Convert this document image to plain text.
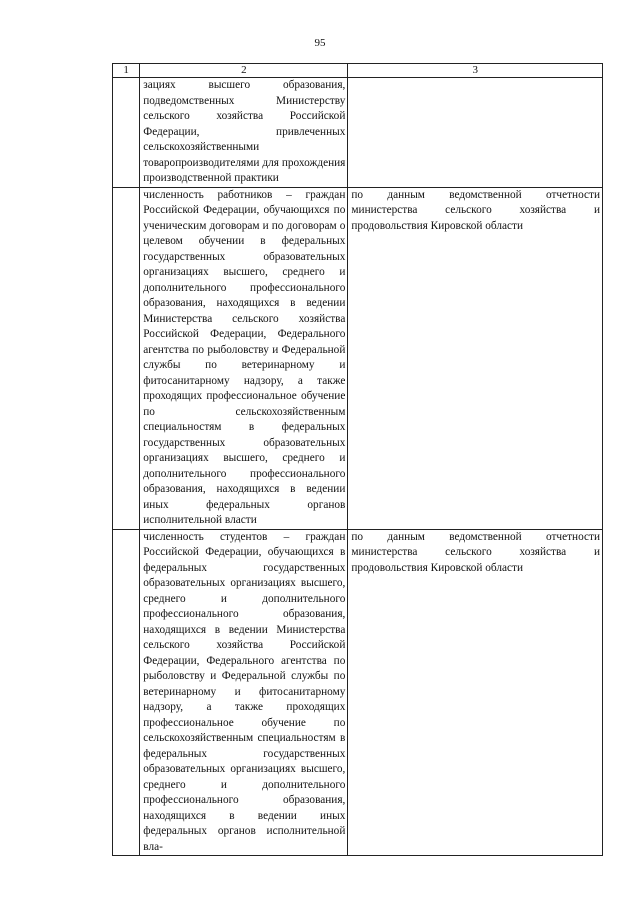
95
1	2	3

	зациях высшего образования, подведомственных Министерству сельского хозяйства Российской Федерации, привлеченных сельскохозяйственными товаропроизводителями для прохождения производственной практики	

	численность работников – граждан Российской Федерации, обучающихся по ученическим договорам и по договорам о целевом обучении в федеральных государственных образовательных организациях высшего, среднего и дополнительного профессионального образования, находящихся в ведении Министерства сельского хозяйства Российской Федерации, Федерального агентства по рыболовству и Федеральной службы по ветеринарному и фитосанитарному надзору, а также проходящих профессиональное обучение по сельскохозяйственным специальностям в федеральных государственных образовательных организациях высшего, среднего и дополнительного профессионального образования, находящихся в ведении иных федеральных органов исполнительной власти	по данным ведомственной отчетности министерства сельского хозяйства и продовольствия Кировской области

	численность студентов – граждан Российской Федерации, обучающихся в федеральных государственных образовательных организациях высшего, среднего и дополнительного профессионального образования, находящихся в ведении Министерства сельского хозяйства Российской Федерации, Федерального агентства по рыболовству и Федеральной службы по ветеринарному и фитосанитарному надзору, а также проходящих профессиональное обучение по сельскохозяйственным специальностям в федеральных государственных образовательных организациях высшего, среднего и дополнительного профессионального образования, находящихся в ведении иных федеральных органов исполнительной вла-	по данным ведомственной отчетности министерства сельского хозяйства и продовольствия Кировской области
